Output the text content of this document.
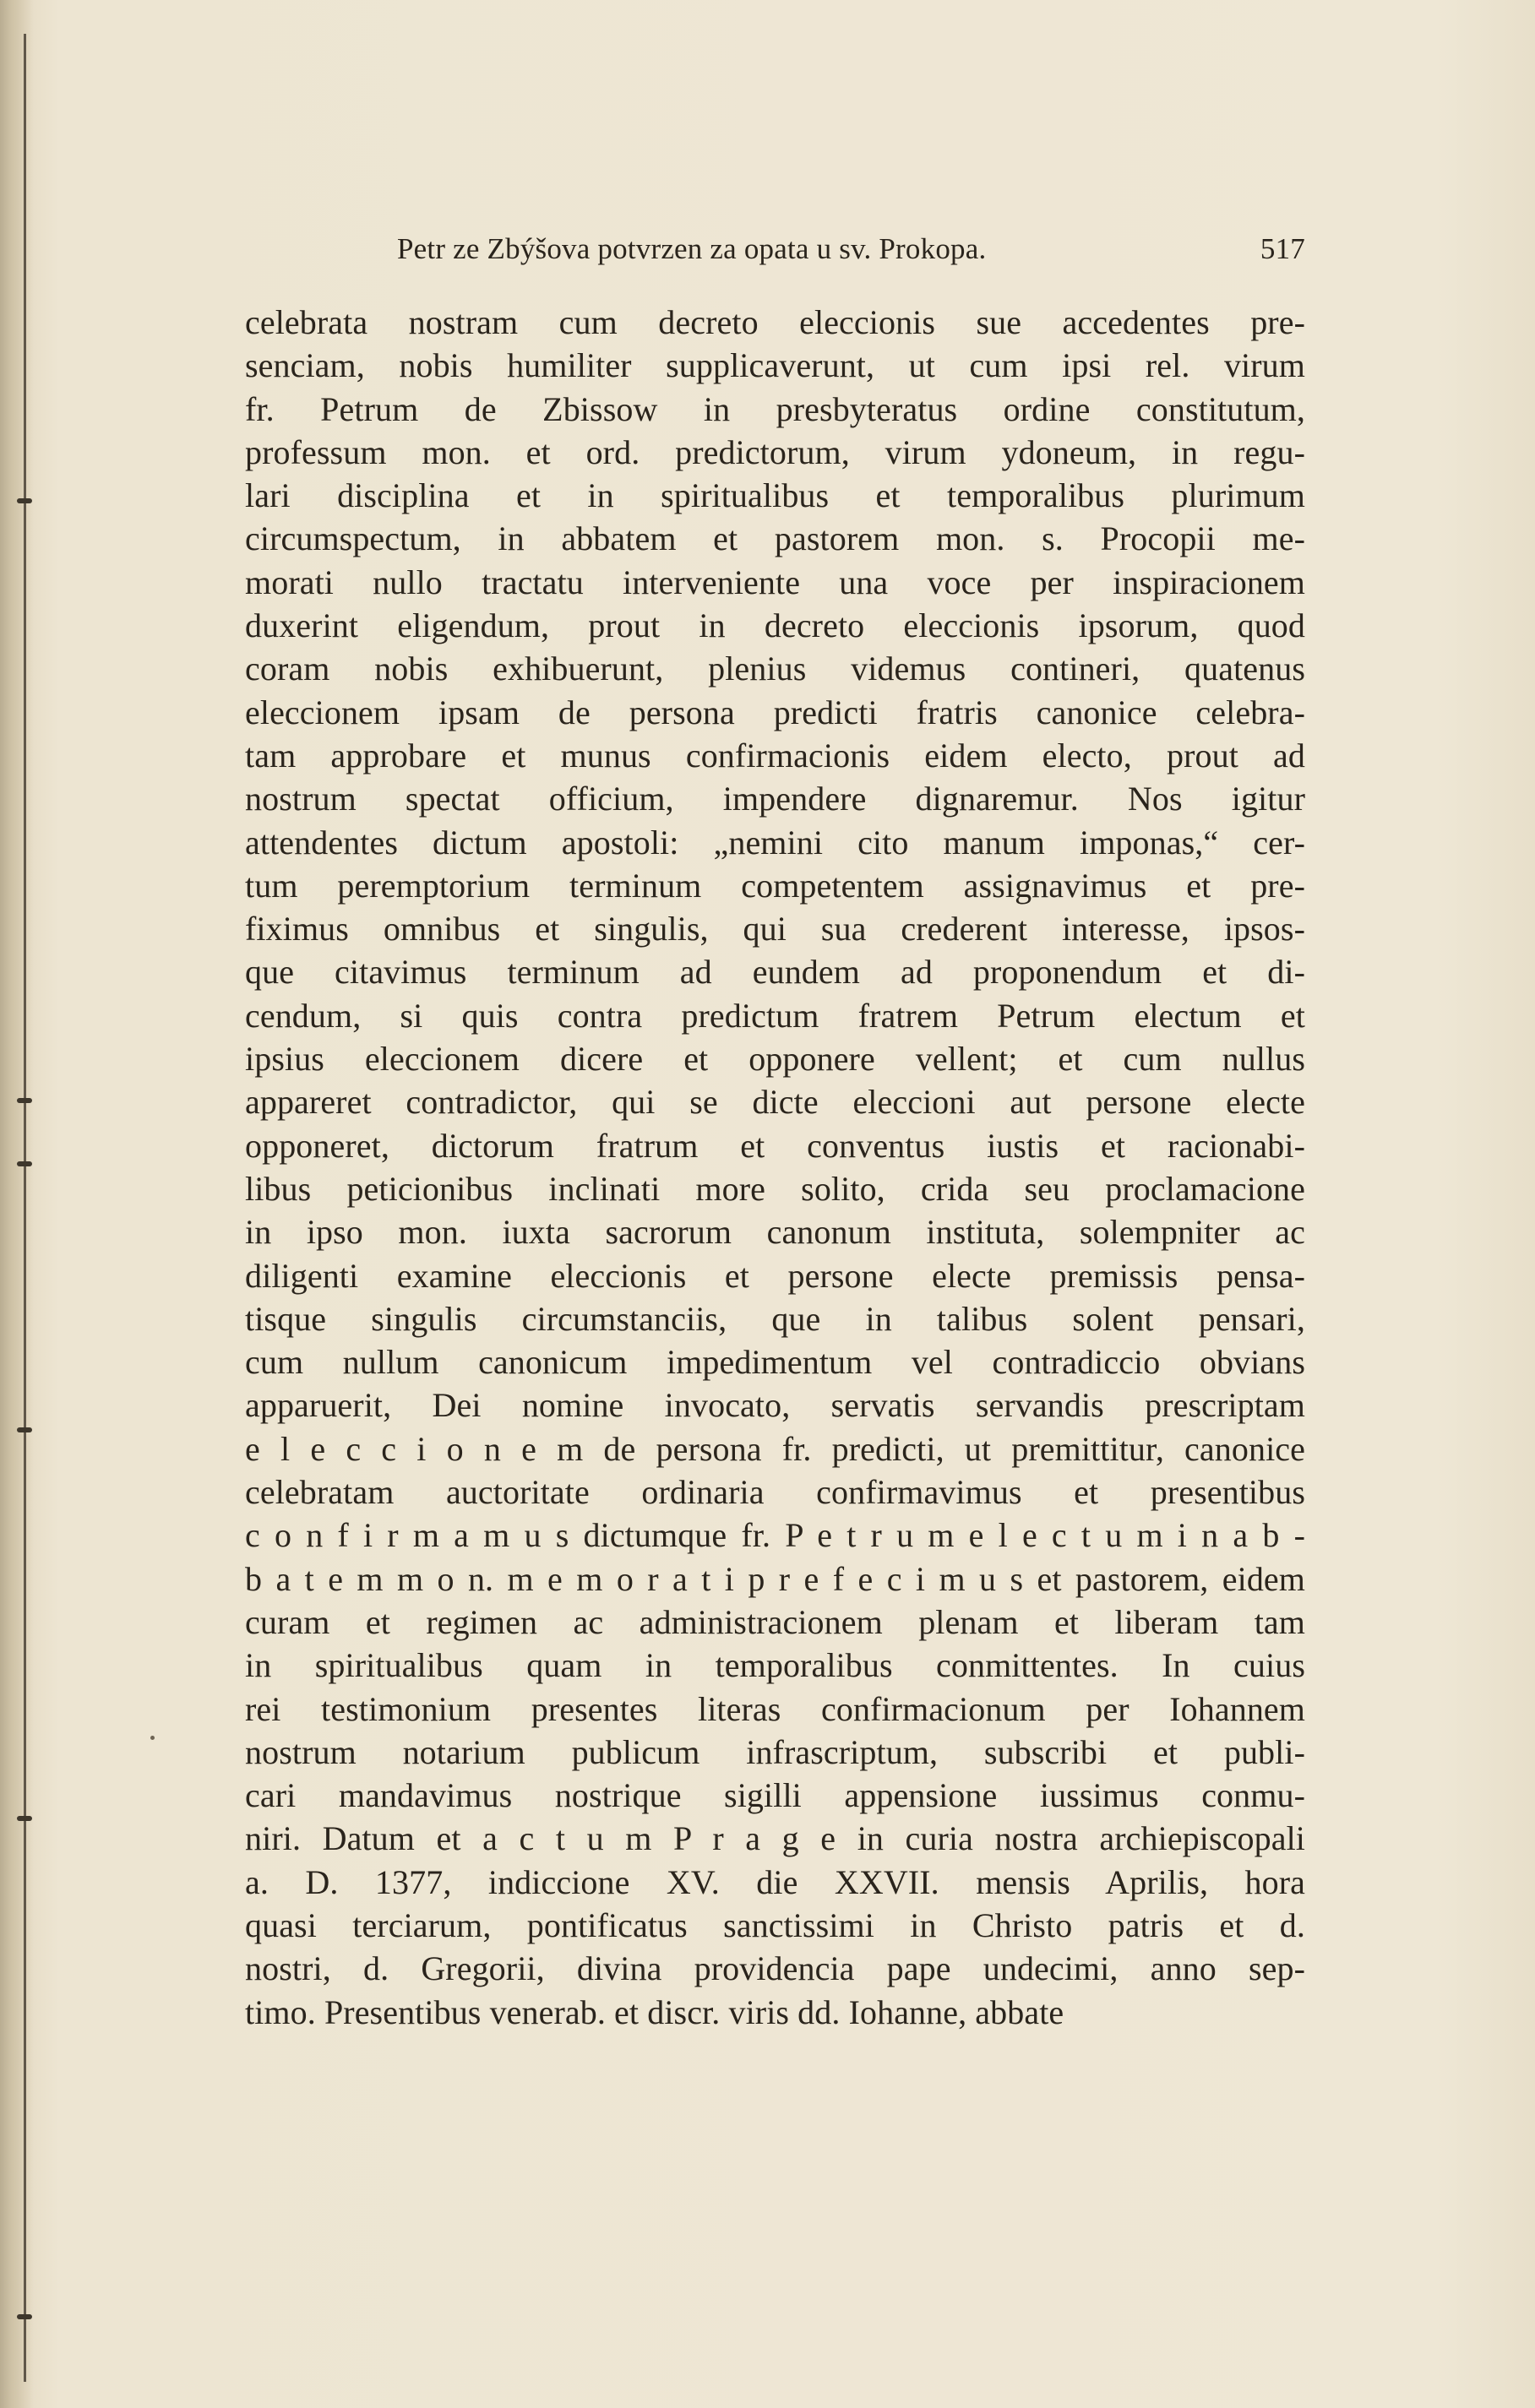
Petr ze Zbýšova potvrzen za opata u sv. Prokopa.	517
celebrata nostram cum decreto eleccionis sue accedentes pre-
senciam, nobis humiliter supplicaverunt, ut cum ipsi rel. virum
fr. Petrum de Zbissow in presbyteratus ordine constitutum,
professum mon. et ord. predictorum, virum ydoneum, in regu-
lari disciplina et in spiritualibus et temporalibus plurimum
circumspectum, in abbatem et pastorem mon. s. Procopii me-
morati nullo tractatu interveniente una voce per inspiracionem
duxerint eligendum, prout in decreto eleccionis ipsorum, quod
coram nobis exhibuerunt, plenius videmus contineri, quatenus
eleccionem ipsam de persona predicti fratris canonice celebra-
tam approbare et munus confirmacionis eidem electo, prout ad
nostrum spectat officium, impendere dignaremur. Nos igitur
attendentes dictum apostoli: „nemini cito manum imponas,“ cer-
tum peremptorium terminum competentem assignavimus et pre-
fiximus omnibus et singulis, qui sua crederent interesse, ipsos-
que citavimus terminum ad eundem ad proponendum et di-
cendum, si quis contra predictum fratrem Petrum electum et
ipsius eleccionem dicere et opponere vellent; et cum nullus
appareret contradictor, qui se dicte eleccioni aut persone electe
opponeret, dictorum fratrum et conventus iustis et racionabi-
libus peticionibus inclinati more solito, crida seu proclamacione
in ipso mon. iuxta sacrorum canonum instituta, solempniter ac
diligenti examine eleccionis et persone electe premissis pensa-
tisque singulis circumstanciis, que in talibus solent pensari,
cum nullum canonicum impedimentum vel contradiccio obvians
apparuerit, Dei nomine invocato, servatis servandis prescriptam
e l e c c i o n e m de persona fr. predicti, ut premittitur, canonice
celebratam auctoritate ordinaria confirmavimus et presentibus
c o n f i r m a m u s dictumque fr. P e t r u m e l e c t u m i n a b -
b a t e m m o n. m e m o r a t i p r e f e c i m u s et pastorem, eidem
curam et regimen ac administracionem plenam et liberam tam
in spiritualibus quam in temporalibus conmittentes. In cuius
rei testimonium presentes literas confirmacionum per Iohannem
nostrum notarium publicum infrascriptum, subscribi et publi-
cari mandavimus nostrique sigilli appensione iussimus conmu-
niri. Datum et a c t u m P r a g e in curia nostra archiepiscopali
a. D. 1377, indiccione XV. die XXVII. mensis Aprilis, hora
quasi terciarum, pontificatus sanctissimi in Christo patris et d.
nostri, d. Gregorii, divina providencia pape undecimi, anno sep-
timo. Presentibus venerab. et discr. viris dd. Iohanne, abbate
